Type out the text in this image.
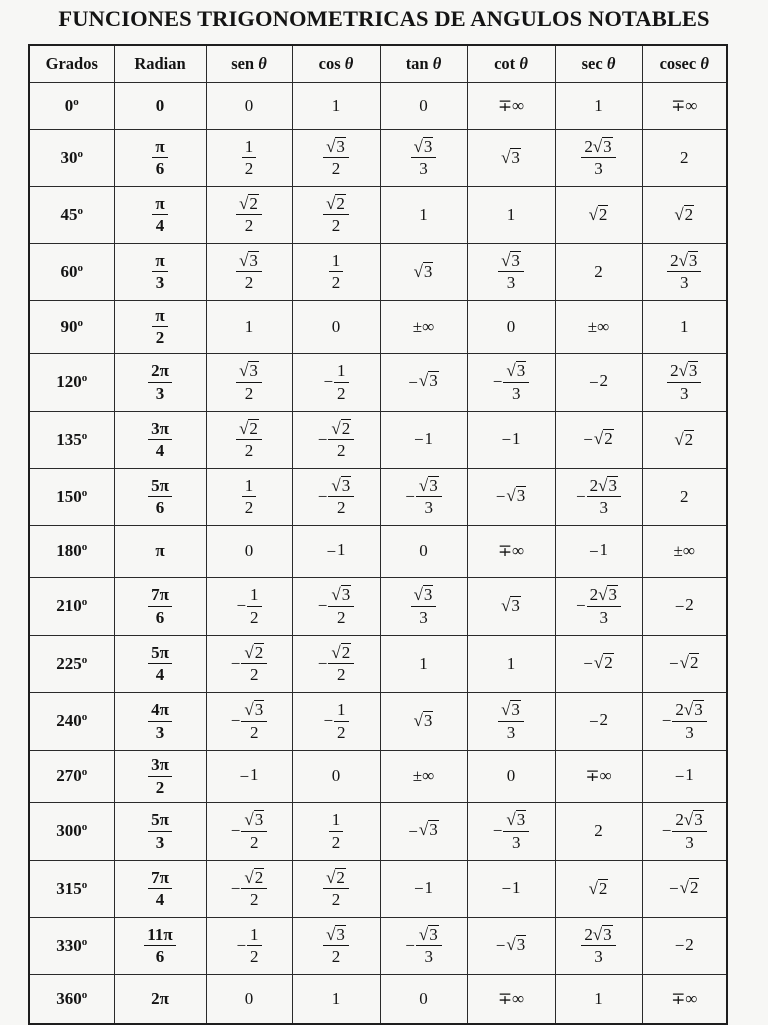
FUNCIONES TRIGONOMETRICAS DE ANGULOS NOTABLES
Grados	Radian	sen θ	cos θ	tan θ	cot θ	sec θ	cosec θ
0$^o$	0	0	1	0	∓∞	1	∓∞
30$^o$	$\frac{\pi}{6}$	$\frac{1}{2}$	$\frac{√3}{2}$	$\frac{√3}{3}$	√3	$\frac{2√3}{3}$	2
45$^o$	$\frac{\pi}{4}$	$\frac{√2}{2}$	$\frac{√2}{2}$	1	1	√2	√2
60$^o$	$\frac{\pi}{3}$	$\frac{√3}{2}$	$\frac{1}{2}$	√3	$\frac{√3}{3}$	2	$\frac{2√3}{3}$

90$^o$	$\frac{\pi}{2}$	1	0	±∞	0	±∞	1
120$^o$	$\frac{2\pi}{3}$	$\frac{√3}{2}$	− $\frac{1}{2}$	−√3	− $\frac{√3}{3}$	−2	$\frac{2√3}{3}$

135$^o$	$\frac{3\pi}{4}$	$\frac{√2}{2}$	− $\frac{√2}{2}$	−1	−1	−√2	√2
150$^o$	$\frac{5\pi}{6}$	$\frac{1}{2}$	− $\frac{√3}{2}$	− $\frac{√3}{3}$	−√3	− $\frac{2√3}{3}$	2
180$^o$	π	0	−1	0	∓∞	−1	±∞
210$^o$	$\frac{7\pi}{6}$	− $\frac{1}{2}$	− $\frac{√3}{2}$	$\frac{√3}{3}$	√3	− $\frac{2√3}{3}$	−2
225$^o$	$\frac{5\pi}{4}$	− $\frac{√2}{2}$	− $\frac{√2}{2}$	1	1	−√2	−√2
240$^o$	$\frac{4\pi}{3}$	− $\frac{√3}{2}$	− $\frac{1}{2}$	√3	$\frac{√3}{3}$	−2	− $\frac{2√3}{3}$

270$^o$	$\frac{3\pi}{2}$	−1	0	±∞	0	∓∞	−1
300$^o$	$\frac{5\pi}{3}$	− $\frac{√3}{2}$	$\frac{1}{2}$	−√3	− $\frac{√3}{3}$	2	− $\frac{2√3}{3}$

315$^o$	$\frac{7\pi}{4}$	− $\frac{√2}{2}$	$\frac{√2}{2}$	−1	−1	√2	−√2
330$^o$	$\frac{11\pi}{6}$	− $\frac{1}{2}$	$\frac{√3}{2}$	− $\frac{√3}{3}$	−√3	$\frac{2√3}{3}$	−2
360$^o$	2π	0	1	0	∓∞	1	∓∞
